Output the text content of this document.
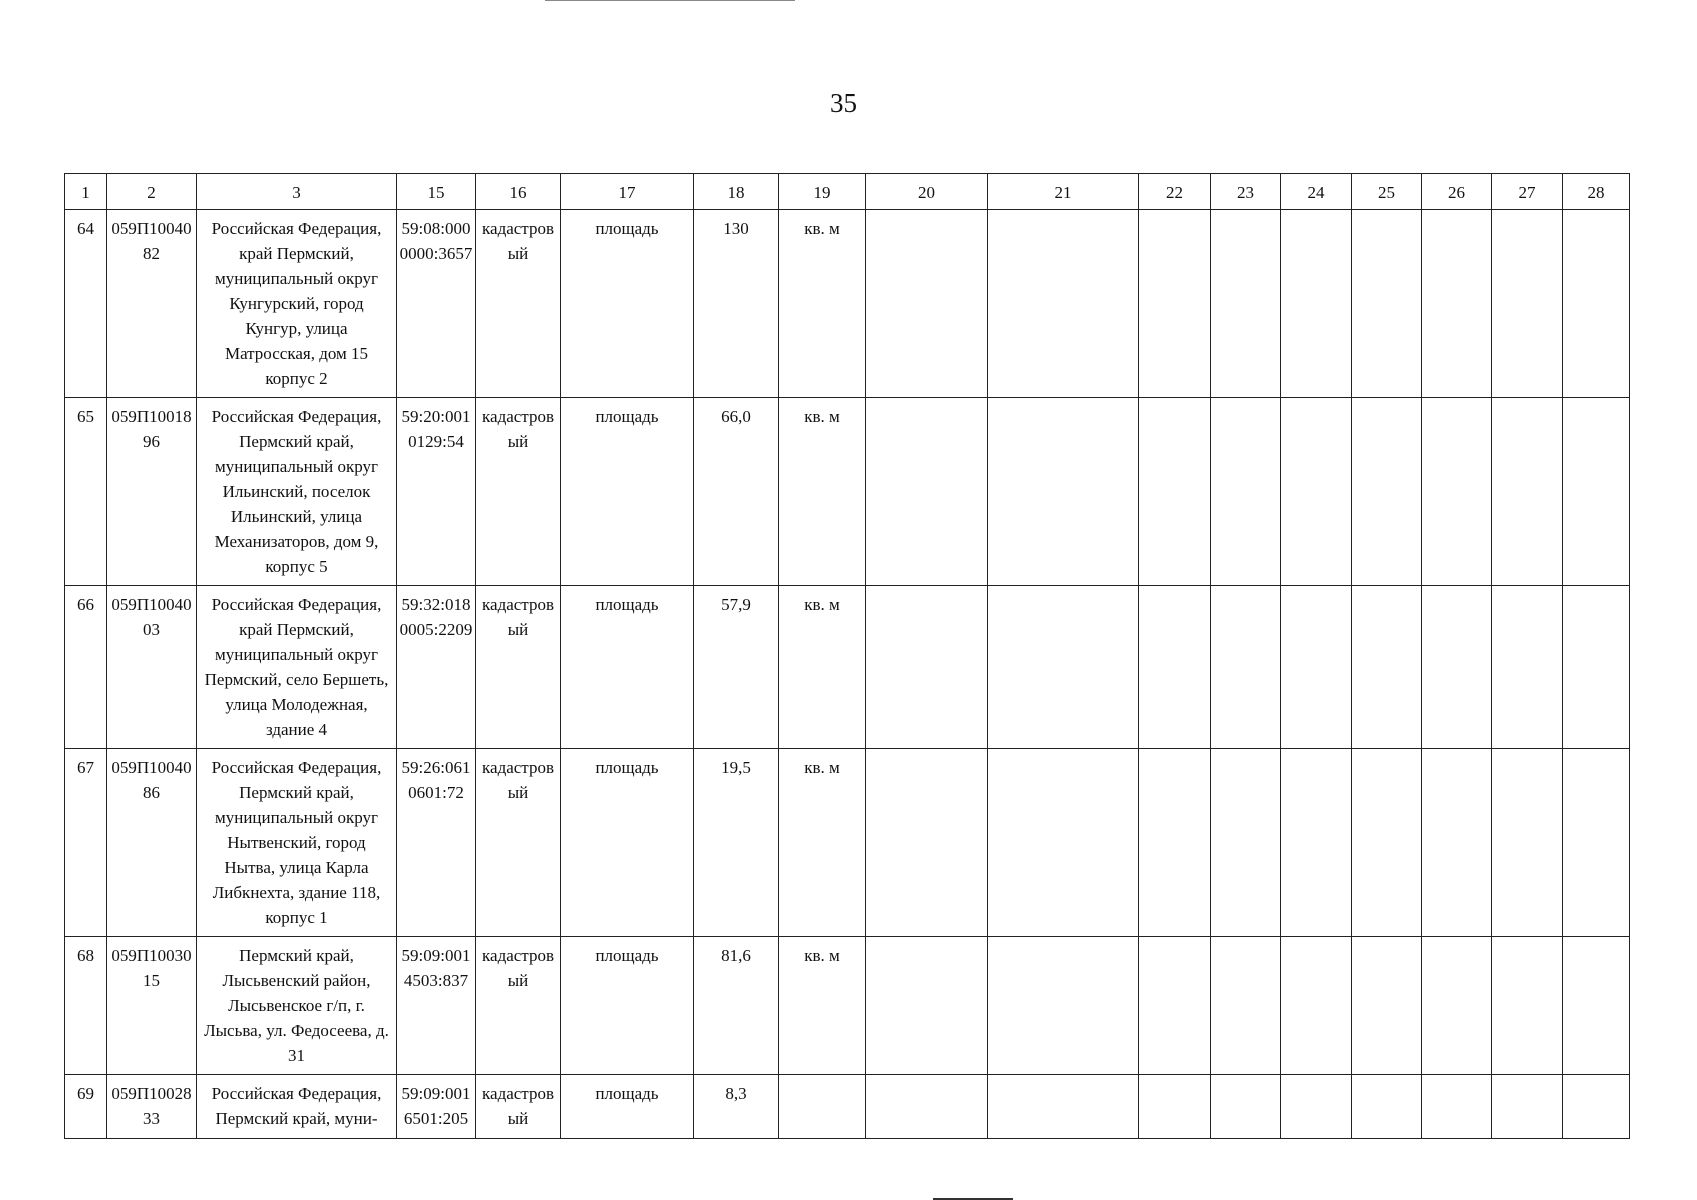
35
1	2	3	15	16	17	18	19	20	21	22	23	24	25	26	27	28
64	059П1004082	Российская Федерация, край Пермский, муниципальный округ Кунгурский, город Кунгур, улица Матросская, дом 15 корпус 2	59:08:0000000:3657	кадастровый	площадь	130	кв. м									
65	059П1001896	Российская Федерация, Пермский край, муниципальный округ Ильинский, поселок Ильинский, улица Механизаторов, дом 9, корпус 5	59:20:0010129:54	кадастровый	площадь	66,0	кв. м									
66	059П1004003	Российская Федерация, край Пермский, муниципальный округ Пермский, село Бершеть, улица Молодежная, здание 4	59:32:0180005:2209	кадастровый	площадь	57,9	кв. м									
67	059П1004086	Российская Федерация, Пермский край, муниципальный округ Нытвенский, город Нытва, улица Карла Либкнехта, здание 118, корпус 1	59:26:0610601:72	кадастровый	площадь	19,5	кв. м									
68	059П1003015	Пермский край, Лысьвенский район, Лысьвенское г/п, г. Лысьва, ул. Федосеева, д. 31	59:09:0014503:837	кадастровый	площадь	81,6	кв. м									
69	059П1002833	Российская Федерация, Пермский край, муни-	59:09:0016501:205	кадастровый	площадь	8,3										
